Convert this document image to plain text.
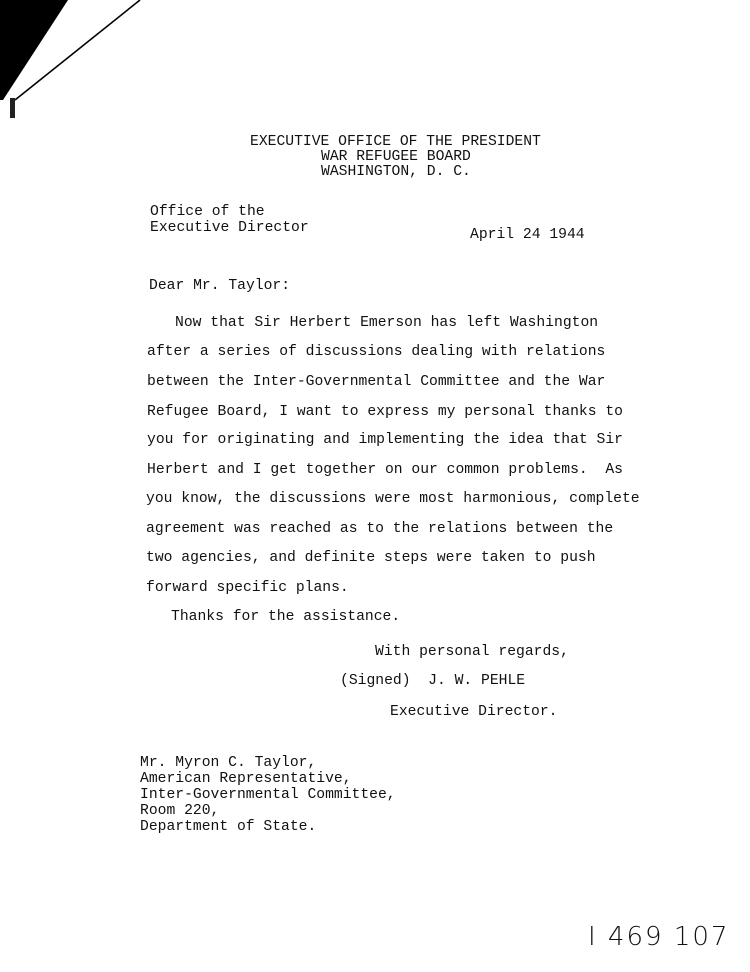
EXECUTIVE OFFICE OF THE PRESIDENT
WAR REFUGEE BOARD
WASHINGTON, D. C.
Office of the
Executive Director	April 24 1944
Dear Mr. Taylor:
Now that Sir Herbert Emerson has left Washington
after a series of discussions dealing with relations
between the Inter-Governmental Committee and the War
Refugee Board, I want to express my personal thanks to
you for originating and implementing the idea that Sir
Herbert and I get together on our common problems.  As
you know, the discussions were most harmonious, complete
agreement was reached as to the relations between the
two agencies, and definite steps were taken to push
forward specific plans.
Thanks for the assistance.
With personal regards,
(Signed)  J. W. PEHLE
Executive Director.
Mr. Myron C. Taylor,
American Representative,
Inter-Governmental Committee,
Room 220,
Department of State.
I 469 107
